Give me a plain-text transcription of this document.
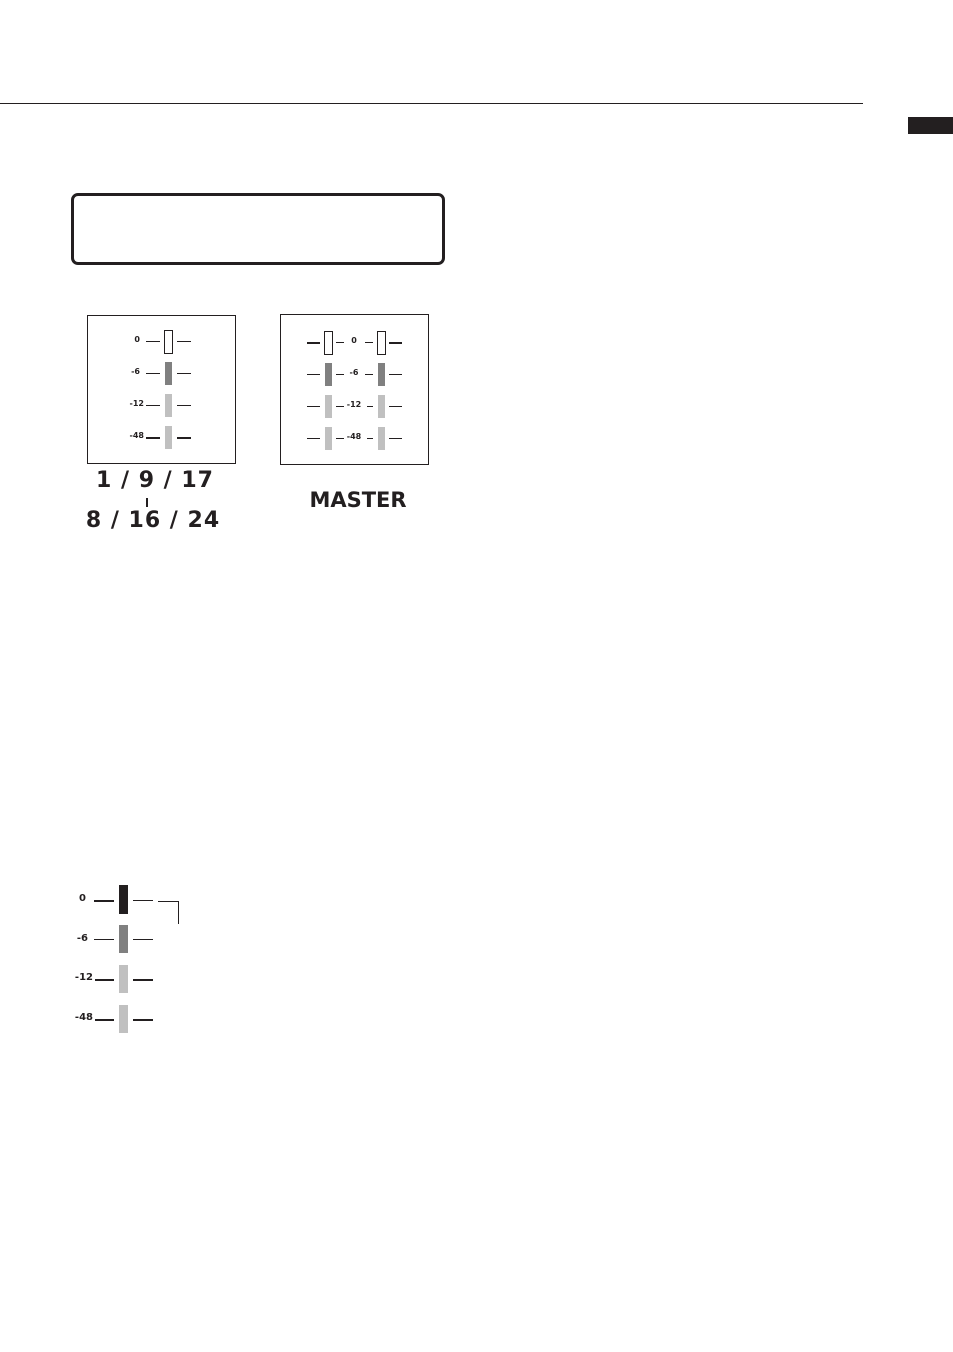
0
-6
-12
-48
1 / 9 / 17
8 / 16 / 24
0
-6
-12
-48
MASTER
0
-6
-12
-48
